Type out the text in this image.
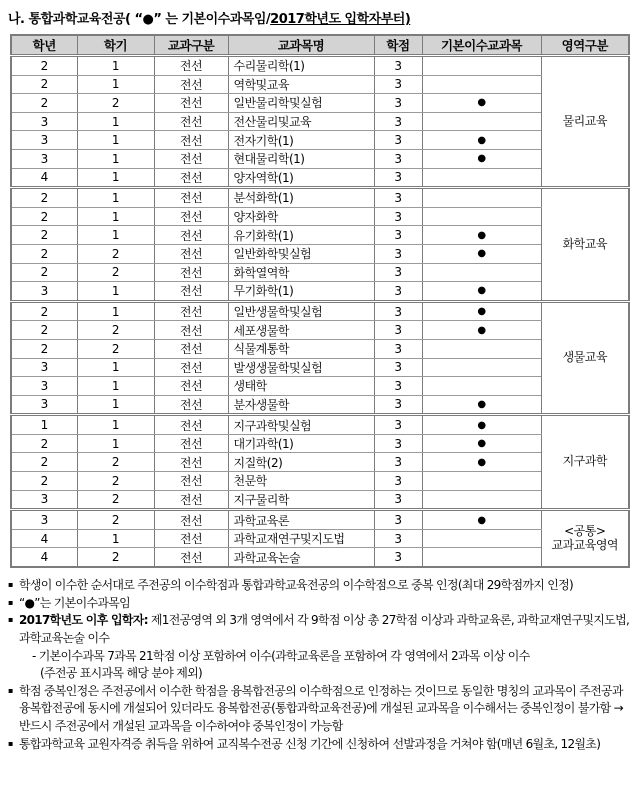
나. 통합과학교육전공( “●” 는 기본이수과목임/2017학년도 입학자부터)
학년	학기	교과구분	교과목명	학점	기본이수교과목	영역구분
2	1	전선	수리물리학(1)	3		물리교육

2	1	전선	역학및교육	3		
2	2	전선	일반물리학및실험	3	●	
3	1	전선	전산물리및교육	3		
3	1	전선	전자기학(1)	3	●	
3	1	전선	현대물리학(1)	3	●	
4	1	전선	양자역학(1)	3		
2	1	전선	분석화학(1)	3		화학교육

2	1	전선	양자화학	3		
2	1	전선	유기화학(1)	3	●	
2	2	전선	일반화학및실험	3	●	
2	2	전선	화학열역학	3		
3	1	전선	무기화학(1)	3	●	
2	1	전선	일반생물학및실험	3	●	생물교육

2	2	전선	세포생물학	3	●	
2	2	전선	식물계통학	3		
3	1	전선	발생생물학및실험	3		
3	1	전선	생태학	3		
3	1	전선	분자생물학	3	●	
1	1	전선	지구과학및실험	3	●	지구과학

2	1	전선	대기과학(1)	3	●	
2	2	전선	지질학(2)	3	●	
2	2	전선	천문학	3		
3	2	전선	지구물리학	3		
3	2	전선	과학교육론	3	●	<공통>
교과교육영역

4	1	전선	과학교재연구및지도법	3		
4	2	전선	과학교육논술	3		
▪ 학생이 이수한 순서대로 주전공의 이수학점과 통합과학교육전공의 이수학점으로 중복 인정(최대 29학점까지 인정)
▪ “●”는 기본이수과목임
▪ 2017학년도 이후 입학자: 제1전공영역 외 3개 영역에서 각 9학점 이상 총 27학점 이상과 과학교육론, 과학교재연구및지도법, 과학교육논술 이수
- 기본이수과목 7과목 21학점 이상 포함하여 이수(과학교육론을 포함하여 각 영역에서 2과목 이상 이수
(주전공 표시과목 해당 분야 제외)
▪ 학점 중복인정은 주전공에서 이수한 학점을 융복합전공의 이수학점으로 인정하는 것이므로 동일한 명칭의 교과목이 주전공과 융복합전공에 동시에 개설되어 있더라도 융복합전공(통합과학교육전공)에 개설된 교과목을 이수해서는 중복인정이 불가함 → 반드시 주전공에서 개설된 교과목을 이수하여야 중복인정이 가능함
▪ 통합과학교육 교원자격증 취득을 위하여 교직복수전공 신청 기간에 신청하여 선발과정을 거쳐야 함(매년 6월초, 12월초)
